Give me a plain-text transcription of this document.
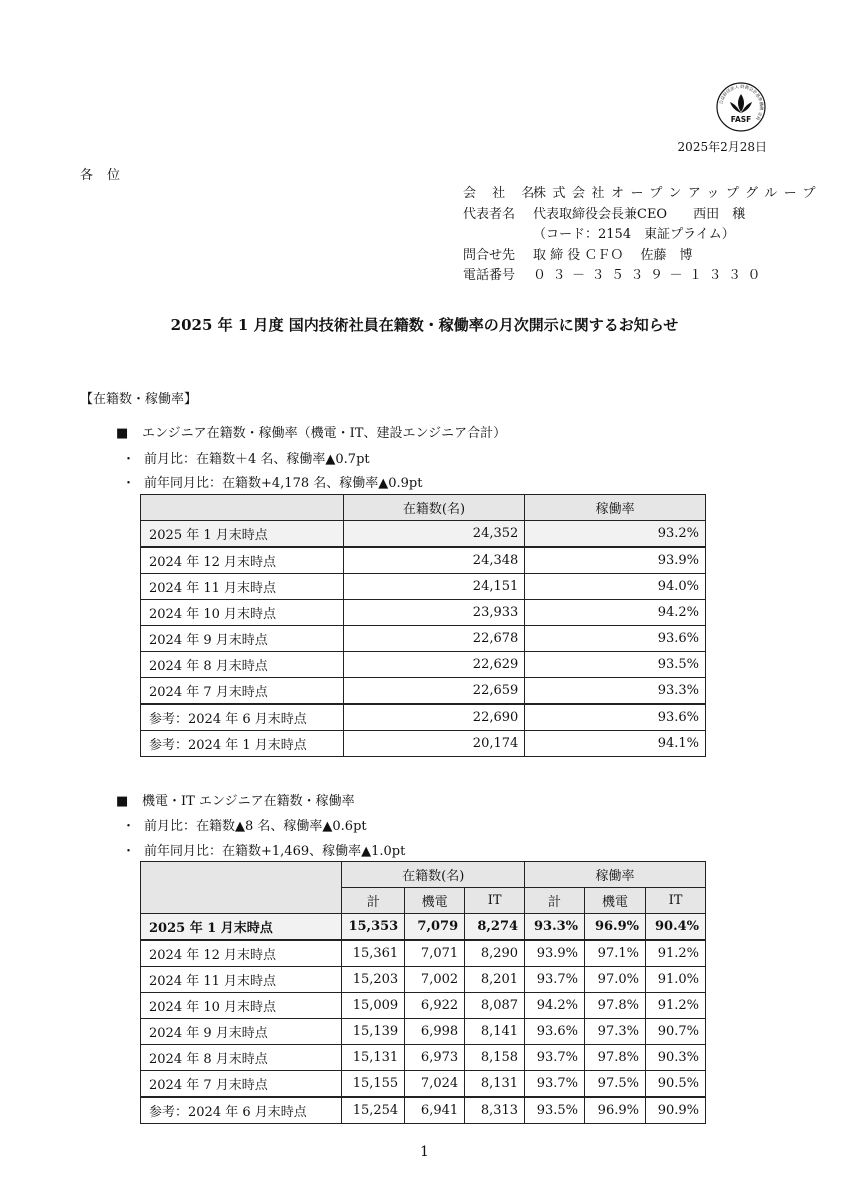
公益財団法人 財務会計基準機構 会員
FASF
2025年2月28日
各位
会 社 名
株式会社オープンアップグループ
代表者名	代表取締役会長兼CEO　　西田　穣
（コード：2154　東証プライム）
問合せ先	取 締 役 ＣＦＯ　 佐藤　博
電話番号	０３－３５３９－１３３０
2025 年 1 月度 国内技術社員在籍数・稼働率の月次開示に関するお知らせ
【在籍数・稼働率】
■ エンジニア在籍数・稼働率（機電・IT、建設エンジニア合計）
・ 前月比：在籍数＋4 名、稼働率▲0.7pt
・ 前年同月比：在籍数+4,178 名、稼働率▲0.9pt
	在籍数(名)	稼働率
2025 年 1 月末時点	24,352	93.2%
2024 年 12 月末時点	24,348	93.9%
2024 年 11 月末時点	24,151	94.0%
2024 年 10 月末時点	23,933	94.2%
2024 年 9 月末時点	22,678	93.6%
2024 年 8 月末時点	22,629	93.5%
2024 年 7 月末時点	22,659	93.3%
参考：2024 年 6 月末時点	22,690	93.6%
参考：2024 年 1 月末時点	20,174	94.1%
■ 機電・IT エンジニア在籍数・稼働率
・ 前月比：在籍数▲8 名、稼働率▲0.6pt
・ 前年同月比：在籍数+1,469、稼働率▲1.0pt
	在籍数(名)			稼働率		
	計	機電	IT	計	機電	IT
2025 年 1 月末時点	15,353	7,079	8,274	93.3%	96.9%	90.4%
2024 年 12 月末時点	15,361	7,071	8,290	93.9%	97.1%	91.2%
2024 年 11 月末時点	15,203	7,002	8,201	93.7%	97.0%	91.0%
2024 年 10 月末時点	15,009	6,922	8,087	94.2%	97.8%	91.2%
2024 年 9 月末時点	15,139	6,998	8,141	93.6%	97.3%	90.7%
2024 年 8 月末時点	15,131	6,973	8,158	93.7%	97.8%	90.3%
2024 年 7 月末時点	15,155	7,024	8,131	93.7%	97.5%	90.5%
参考：2024 年 6 月末時点	15,254	6,941	8,313	93.5%	96.9%	90.9%
1
